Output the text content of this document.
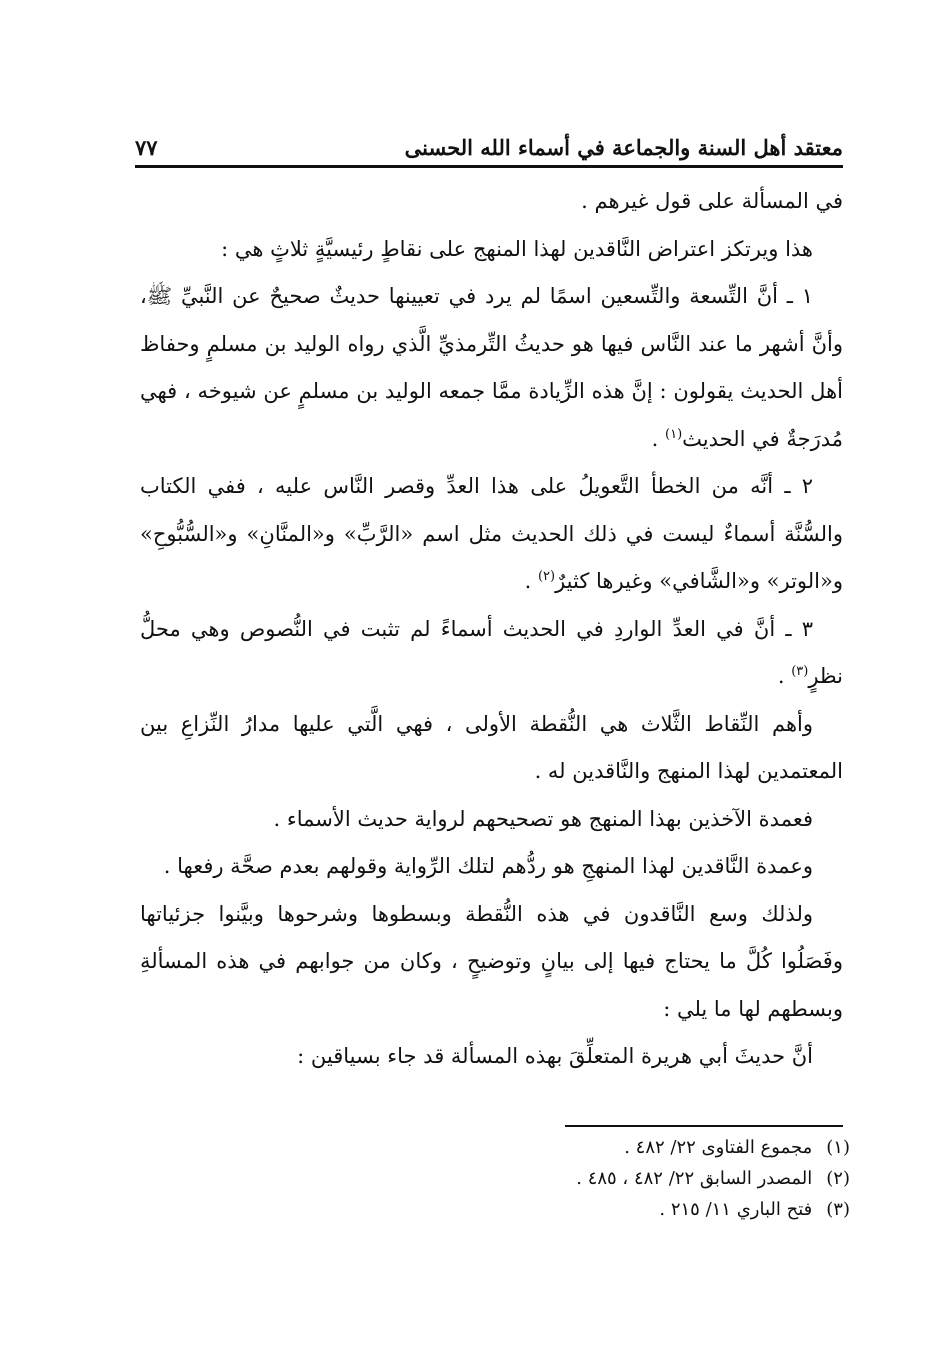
معتقد أهل السنة والجماعة في أسماء الله الحسنى
٧٧

في المسألة على قول غيرهم .

هذا ويرتكز اعتراض النَّاقدين لهذا المنهج على نقاطٍ رئيسيَّةٍ ثلاثٍ هي :

١ ـ أنَّ التِّسعة والتِّسعين اسمًا لم يرد في تعيينها حديثٌ صحيحٌ عن النَّبيِّ ﷺ، وأنَّ أشهر ما عند النَّاس فيها هو حديثُ التِّرمذيِّ الَّذي رواه الوليد بن مسلمٍ وحفاظ أهل الحديث يقولون : إنَّ هذه الزِّيادة ممَّا جمعه الوليد بن مسلمٍ عن شيوخه ، فهي مُدرَجةٌ في الحديث$^{(١)}$ .

٢ ـ أنَّه من الخطأ التَّعويلُ على هذا العدِّ وقصر النَّاس عليه ، ففي الكتاب والسُّنَّة أسماءٌ ليست في ذلك الحديث مثل اسم «الرَّبِّ» و«المنَّانِ» و«السُّبُّوحِ» و«الوتر» و«الشَّافي» وغيرها كثيرٌ$^{(٢)}$ .

٣ ـ أنَّ في العدِّ الواردِ في الحديث أسماءً لم تثبت في النُّصوص وهي محلُّ نظرٍ$^{(٣)}$ .

وأهم النِّقاط الثَّلاث هي النُّقطة الأولى ، فهي الَّتي عليها مدارُ النِّزاعِ بين المعتمدين لهذا المنهج والنَّاقدين له .

فعمدة الآخذين بهذا المنهج هو تصحيحهم لرواية حديث الأسماء .

وعمدة النَّاقدين لهذا المنهجِ هو ردُّهم لتلك الرِّواية وقولهم بعدم صحَّة رفعها .

ولذلك وسع النَّاقدون في هذه النُّقطة وبسطوها وشرحوها وبيَّنوا جزئياتها وفَصَلُوا كُلَّ ما يحتاج فيها إلى بيانٍ وتوضيحٍ ، وكان من جوابهم في هذه المسألةِ وبسطهم لها ما يلي :

أنَّ حديثَ أبي هريرة المتعلِّقَ بهذه المسألة قد جاء بسياقين :

(١)
مجموع الفتاوى ٢٢/ ٤٨٢ .
(٢)
المصدر السابق ٢٢/ ٤٨٢ ، ٤٨٥ .
(٣)
فتح الباري ١١/ ٢١٥ .
